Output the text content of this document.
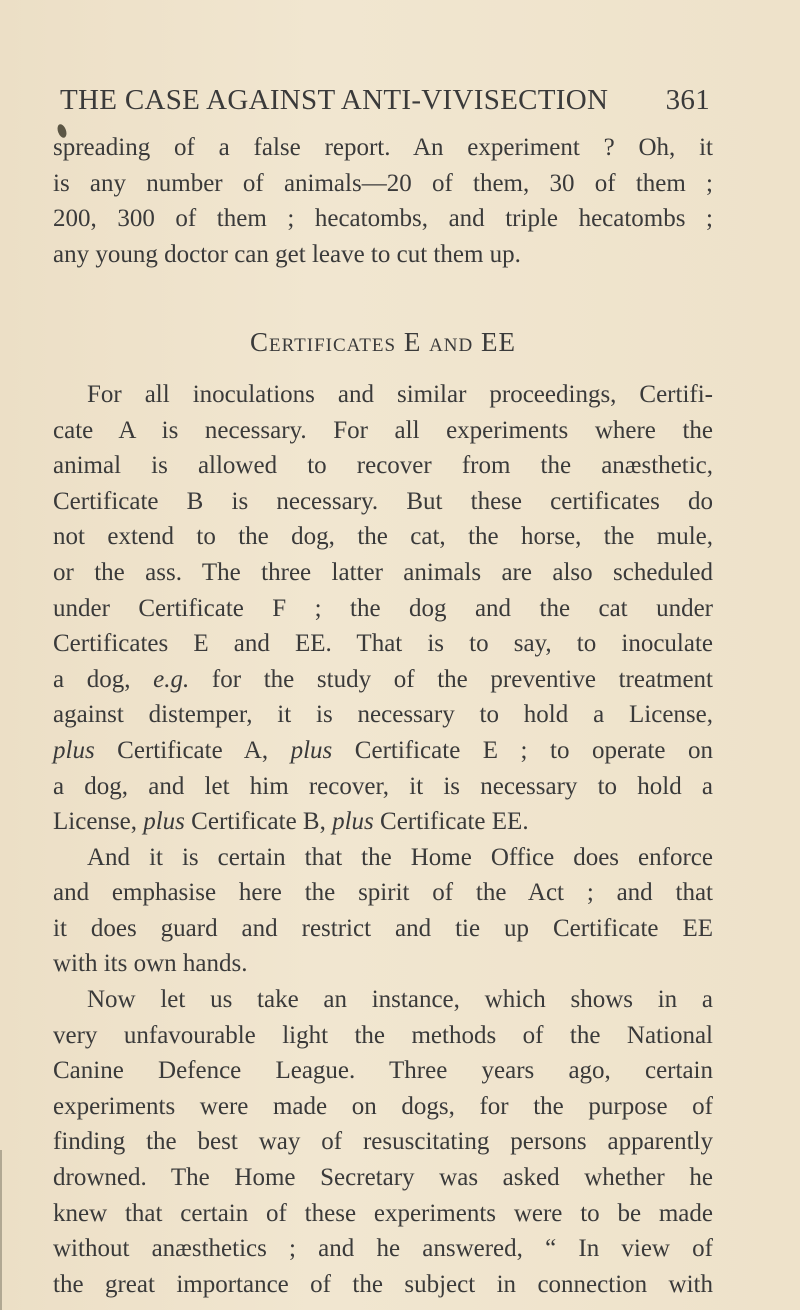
THE CASE AGAINST ANTI-VIVISECTION 361
spreading of a false report. An experiment ? Oh, it
is any number of animals—20 of them, 30 of them ;
200, 300 of them ; hecatombs, and triple hecatombs ;
any young doctor can get leave to cut them up.
Certificates E and EE
For all inoculations and similar proceedings, Certifi-
cate A is necessary. For all experiments where the
animal is allowed to recover from the anæsthetic,
Certificate B is necessary. But these certificates do
not extend to the dog, the cat, the horse, the mule,
or the ass. The three latter animals are also scheduled
under Certificate F ; the dog and the cat under
Certificates E and EE. That is to say, to inoculate
a dog, e.g. for the study of the preventive treatment
against distemper, it is necessary to hold a License,
plus Certificate A, plus Certificate E ; to operate on
a dog, and let him recover, it is necessary to hold a
License, plus Certificate B, plus Certificate EE.
And it is certain that the Home Office does enforce
and emphasise here the spirit of the Act ; and that
it does guard and restrict and tie up Certificate EE
with its own hands.
Now let us take an instance, which shows in a
very unfavourable light the methods of the National
Canine Defence League. Three years ago, certain
experiments were made on dogs, for the purpose of
finding the best way of resuscitating persons apparently
drowned. The Home Secretary was asked whether he
knew that certain of these experiments were to be made
without anæsthetics ; and he answered, “ In view of
the great importance of the subject in connection with
